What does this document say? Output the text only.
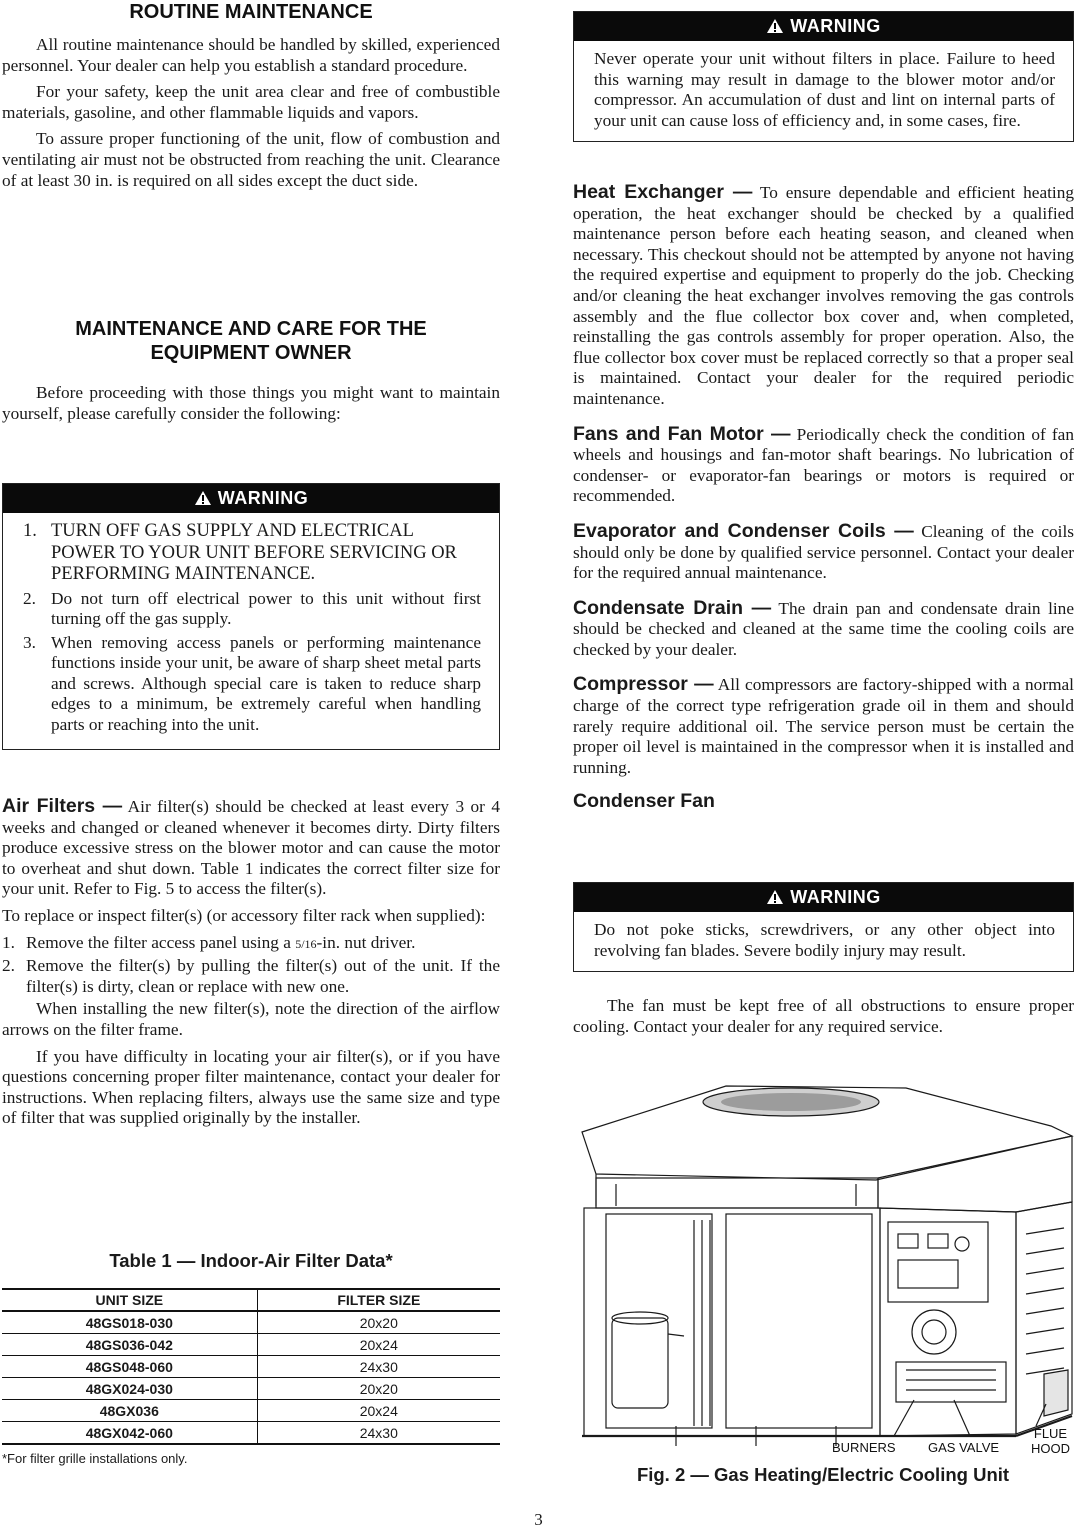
ROUTINE MAINTENANCE

All routine maintenance should be handled by skilled, experienced personnel. Your dealer can help you establish a standard procedure.

For your safety, keep the unit area clear and free of combustible materials, gasoline, and other flammable liquids and vapors.

To assure proper functioning of the unit, flow of combustion and ventilating air must not be obstructed from reaching the unit. Clearance of at least 30 in. is required on all sides except the duct side.

MAINTENANCE AND CARE FOR THE
EQUIPMENT OWNER

Before proceeding with those things you might want to maintain yourself, please carefully consider the following:

WARNING
1. TURN OFF GAS SUPPLY AND ELECTRICAL POWER TO YOUR UNIT BEFORE SERVICING OR PERFORMING MAINTENANCE.
2. Do not turn off electrical power to this unit without first turning off the gas supply.
3. When removing access panels or performing maintenance functions inside your unit, be aware of sharp sheet metal parts and screws. Although special care is taken to reduce sharp edges to a minimum, be extremely careful when handling parts or reaching into the unit.

Air Filters — Air filter(s) should be checked at least every 3 or 4 weeks and changed or cleaned whenever it becomes dirty. Dirty filters produce excessive stress on the blower motor and can cause the motor to overheat and shut down. Table 1 indicates the correct filter size for your unit. Refer to Fig. 5 to access the filter(s).

To replace or inspect filter(s) (or accessory filter rack when supplied):

1. Remove the filter access panel using a 5/16-in. nut driver.
2. Remove the filter(s) by pulling the filter(s) out of the unit. If the filter(s) is dirty, clean or replace with new one.

When installing the new filter(s), note the direction of the airflow arrows on the filter frame.

If you have difficulty in locating your air filter(s), or if you have questions concerning proper filter maintenance, contact your dealer for instructions. When replacing filters, always use the same size and type of filter that was supplied originally by the installer.

Table 1 — Indoor-Air Filter Data*
UNIT SIZE	FILTER SIZE
48GS018-030	20x20
48GS036-042	20x24
48GS048-060	24x30
48GX024-030	20x20
48GX036	20x24
48GX042-060	24x30
*For filter grille installations only.
WARNING
Never operate your unit without filters in place. Failure to heed this warning may result in damage to the blower motor and/or compressor. An accumulation of dust and lint on internal parts of your unit can cause loss of efficiency and, in some cases, fire.

Heat Exchanger — To ensure dependable and efficient heating operation, the heat exchanger should be checked by a qualified maintenance person before each heating season, and cleaned when necessary. This checkout should not be attempted by anyone not having the required expertise and equipment to properly do the job. Checking and/or cleaning the heat exchanger involves removing the gas controls assembly and the flue collector box cover and, when completed, reinstalling the gas controls assembly for proper operation. Also, the flue collector box cover must be replaced correctly so that a proper seal is maintained. Contact your dealer for the required periodic maintenance.

Fans and Fan Motor — Periodically check the condition of fan wheels and housings and fan-motor shaft bearings. No lubrication of condenser- or evaporator-fan bearings or motors is required or recommended.

Evaporator and Condenser Coils — Cleaning of the coils should only be done by qualified service personnel. Contact your dealer for the required annual maintenance.

Condensate Drain — The drain pan and condensate drain line should be checked and cleaned at the same time the cooling coils are checked by your dealer.

Compressor — All compressors are factory-shipped with a normal charge of the correct type refrigeration grade oil in them and should rarely require additional oil. The service person must be certain the proper oil level is maintained in the compressor when it is installed and running.

Condenser Fan
WARNING
Do not poke sticks, screwdrivers, or any other object into revolving fan blades. Severe bodily injury may result.

The fan must be kept free of all obstructions to ensure proper cooling. Contact your dealer for any required service.

BURNERS GAS VALVE
FLUE
HOOD
Fig. 2 — Gas Heating/Electric Cooling Unit
3
